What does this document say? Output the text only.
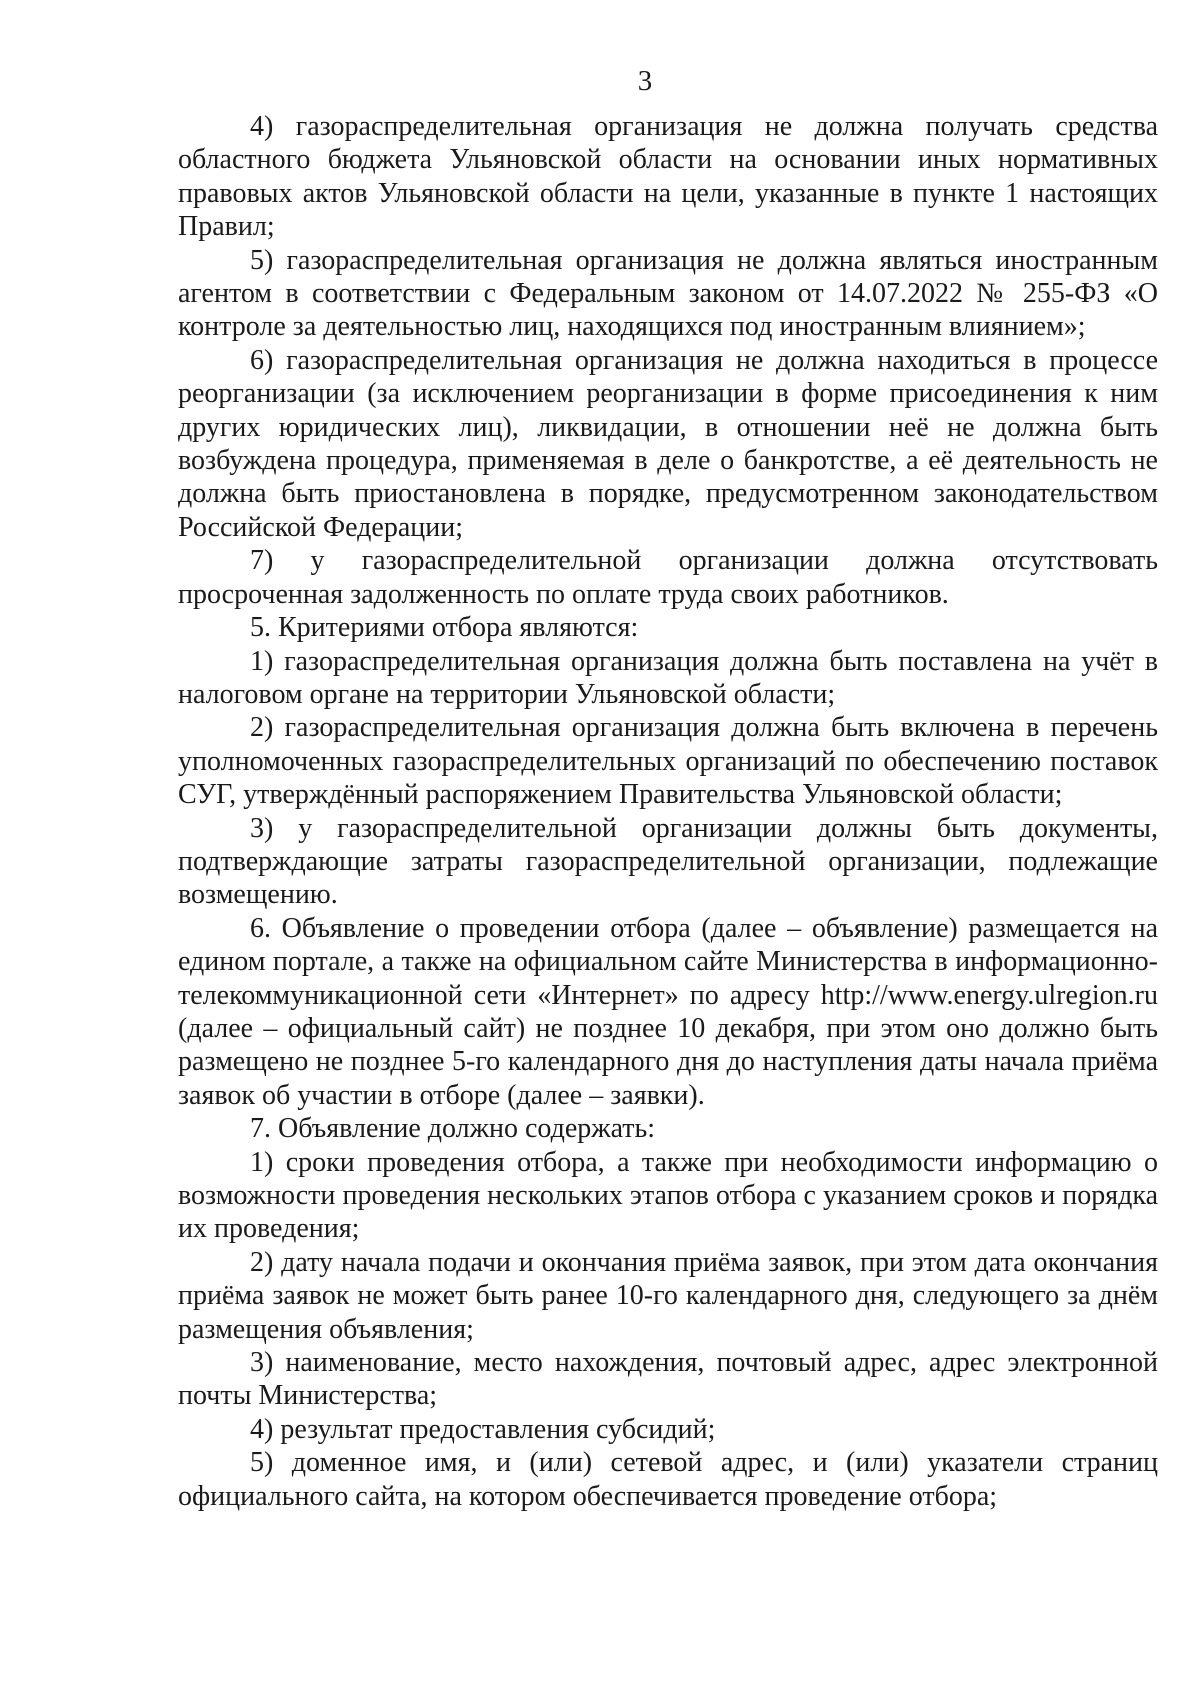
3

4) газораспределительная организация не должна получать средства областного бюджета Ульяновской области на основании иных нормативных правовых актов Ульяновской области на цели, указанные в пункте 1 настоящих Правил;

5) газораспределительная организация не должна являться иностранным агентом в соответствии с Федеральным законом от 14.07.2022 № 255-ФЗ «О контроле за деятельностью лиц, находящихся под иностранным влиянием»;

6) газораспределительная организация не должна находиться в процессе реорганизации (за исключением реорганизации в форме присоединения к ним других юридических лиц), ликвидации, в отношении неё не должна быть возбуждена процедура, применяемая в деле о банкротстве, а её деятельность не должна быть приостановлена в порядке, предусмотренном законодательством Российской Федерации;

7) у газораспределительной организации должна отсутствовать просроченная задолженность по оплате труда своих работников.

5. Критериями отбора являются:

1) газораспределительная организация должна быть поставлена на учёт в налоговом органе на территории Ульяновской области;

2) газораспределительная организация должна быть включена в перечень уполномоченных газораспределительных организаций по обеспечению поставок СУГ, утверждённый распоряжением Правительства Ульяновской области;

3) у газораспределительной организации должны быть документы, подтверждающие затраты газораспределительной организации, подлежащие возмещению.

6. Объявление о проведении отбора (далее – объявление) размещается на едином портале, а также на официальном сайте Министерства в информационно-телекоммуникационной сети «Интернет» по адресу http://www.energy.ulregion.ru (далее – официальный сайт) не позднее 10 декабря, при этом оно должно быть размещено не позднее 5-го календарного дня до наступления даты начала приёма заявок об участии в отборе (далее – заявки).

7. Объявление должно содержать:

1) сроки проведения отбора, а также при необходимости информацию о возможности проведения нескольких этапов отбора с указанием сроков и порядка их проведения;

2) дату начала подачи и окончания приёма заявок, при этом дата окончания приёма заявок не может быть ранее 10-го календарного дня, следующего за днём размещения объявления;

3) наименование, место нахождения, почтовый адрес, адрес электронной почты Министерства;

4) результат предоставления субсидий;

5) доменное имя, и (или) сетевой адрес, и (или) указатели страниц официального сайта, на котором обеспечивается проведение отбора;
